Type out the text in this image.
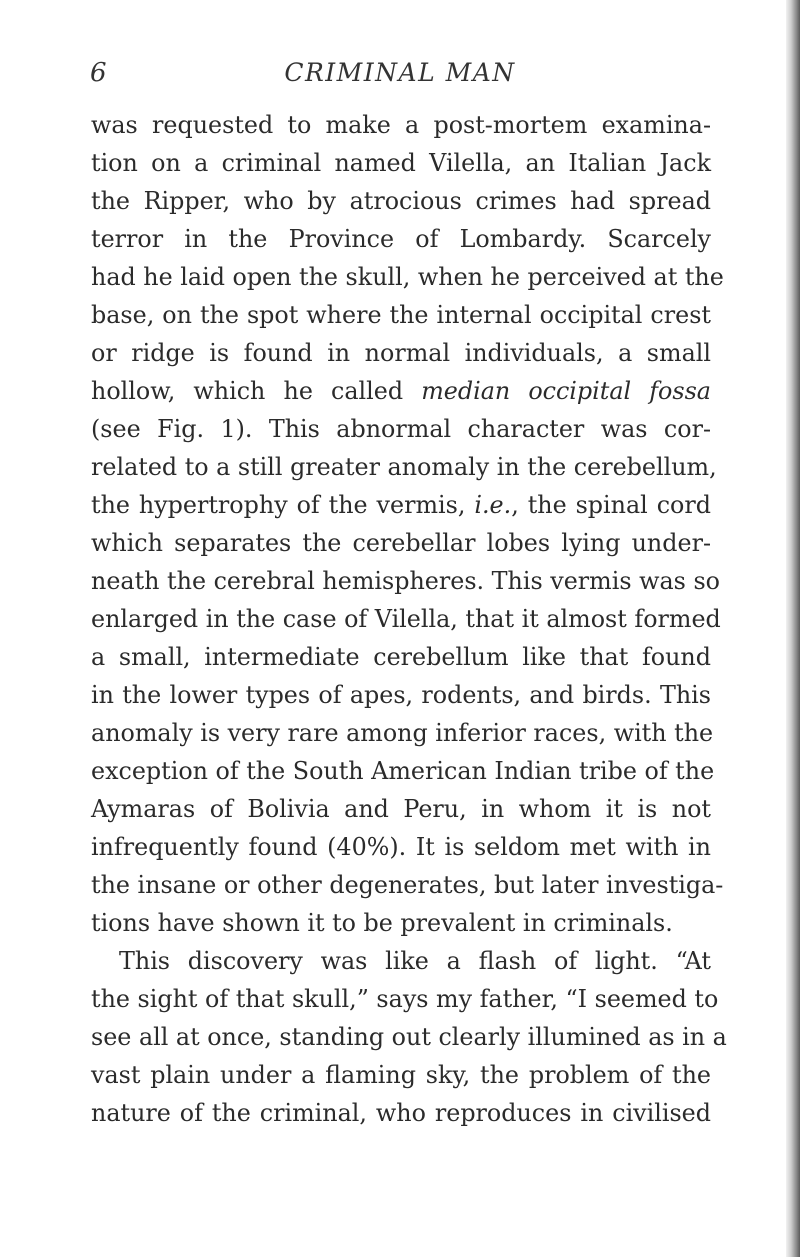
6	CRIMINAL MAN
was requested to make a post-mortem examina-
tion on a criminal named Vilella, an Italian Jack
the Ripper, who by atrocious crimes had spread
terror in the Province of Lombardy. Scarcely
had he laid open the skull, when he perceived at the
base, on the spot where the internal occipital crest
or ridge is found in normal individuals, a small
hollow, which he called median occipital fossa
(see Fig. 1). This abnormal character was cor-
related to a still greater anomaly in the cerebellum,
the hypertrophy of the vermis, i.e., the spinal cord
which separates the cerebellar lobes lying under-
neath the cerebral hemispheres. This vermis was so
enlarged in the case of Vilella, that it almost formed
a small, intermediate cerebellum like that found
in the lower types of apes, rodents, and birds. This
anomaly is very rare among inferior races, with the
exception of the South American Indian tribe of the
Aymaras of Bolivia and Peru, in whom it is not
infrequently found (40%). It is seldom met with in
the insane or other degenerates, but later investiga-
tions have shown it to be prevalent in criminals.
This discovery was like a flash of light. “At
the sight of that skull,” says my father, “I seemed to
see all at once, standing out clearly illumined as in a
vast plain under a flaming sky, the problem of the
nature of the criminal, who reproduces in civilised
